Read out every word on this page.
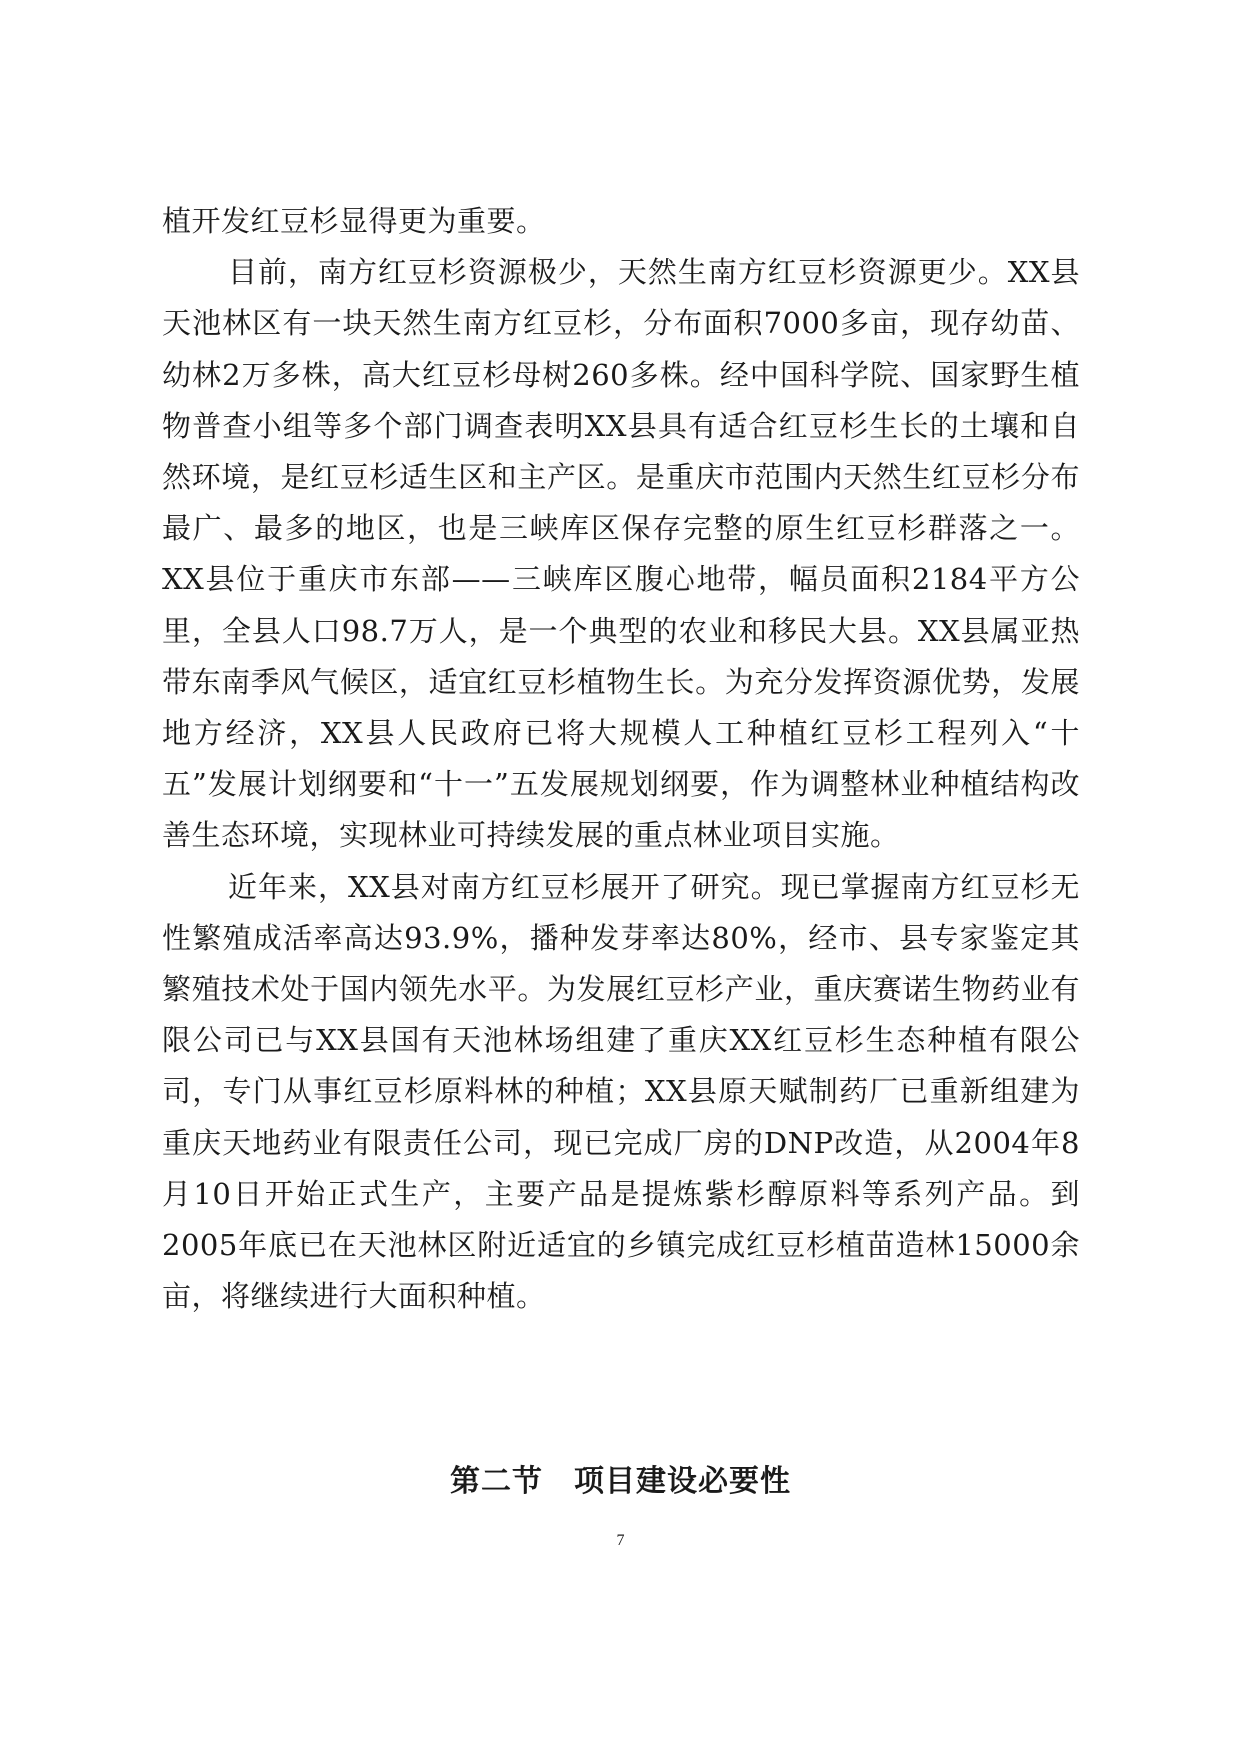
植开发红豆杉显得更为重要。

目前，南方红豆杉资源极少，天然生南方红豆杉资源更少。XX县天池林区有一块天然生南方红豆杉，分布面积7000多亩，现存幼苗、幼林2万多株，高大红豆杉母树260多株。经中国科学院、国家野生植物普查小组等多个部门调查表明XX县具有适合红豆杉生长的土壤和自然环境，是红豆杉适生区和主产区。是重庆市范围内天然生红豆杉分布最广、最多的地区，也是三峡库区保存完整的原生红豆杉群落之一。XX县位于重庆市东部——三峡库区腹心地带，幅员面积2184平方公里，全县人口98.7万人，是一个典型的农业和移民大县。XX县属亚热带东南季风气候区，适宜红豆杉植物生长。为充分发挥资源优势，发展地方经济，XX县人民政府已将大规模人工种植红豆杉工程列入“十五”发展计划纲要和“十一”五发展规划纲要，作为调整林业种植结构改善生态环境，实现林业可持续发展的重点林业项目实施。

近年来，XX县对南方红豆杉展开了研究。现已掌握南方红豆杉无性繁殖成活率高达93.9%，播种发芽率达80%，经市、县专家鉴定其繁殖技术处于国内领先水平。为发展红豆杉产业，重庆赛诺生物药业有限公司已与XX县国有天池林场组建了重庆XX红豆杉生态种植有限公司，专门从事红豆杉原料林的种植；XX县原天赋制药厂已重新组建为重庆天地药业有限责任公司，现已完成厂房的DNP改造，从2004年8月10日开始正式生产，主要产品是提炼紫杉醇原料等系列产品。到2005年底已在天池林区附近适宜的乡镇完成红豆杉植苗造林15000余亩，将继续进行大面积种植。

第二节　项目建设必要性
7
